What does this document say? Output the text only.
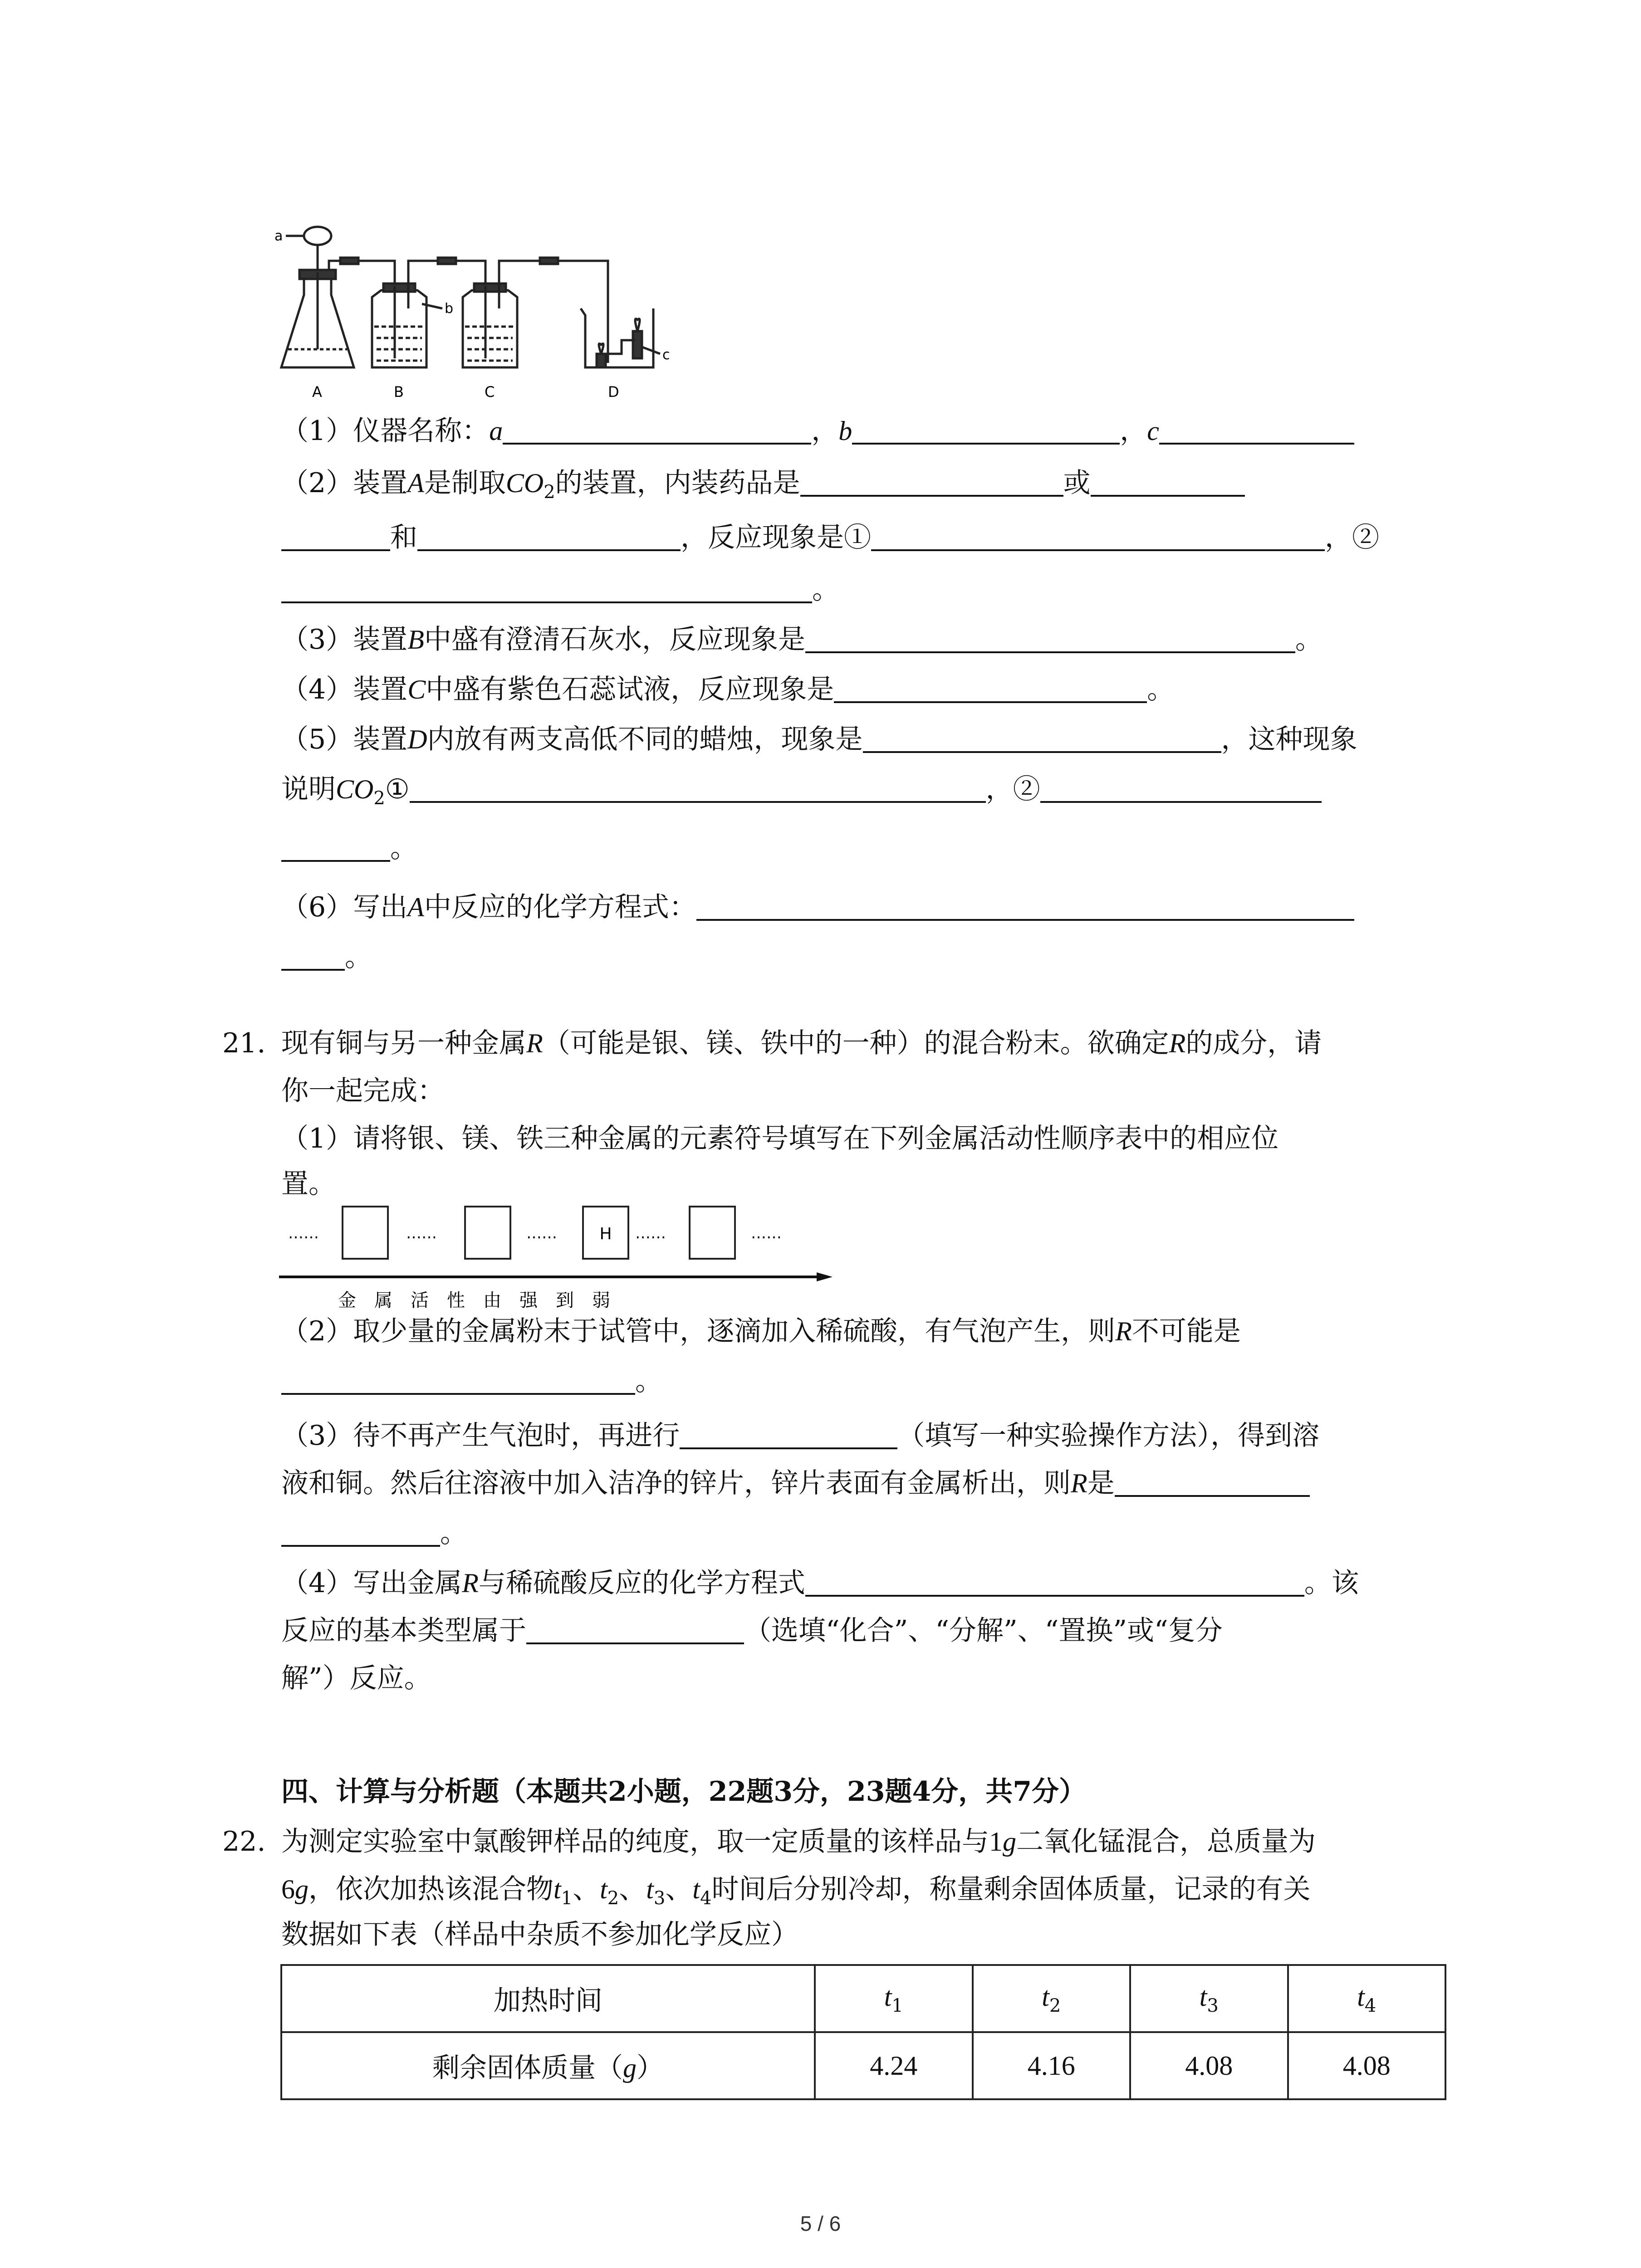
a
b
c
A	B	C	D
（1）仪器名称：a	，b	，c
（2）装置A是制取$CO_2$的装置，内装药品是	或
和	，反应现象是①	，②
。
（3）装置B中盛有澄清石灰水，反应现象是	。
（4）装置C中盛有紫色石蕊试液，反应现象是	。
（5）装置D内放有两支高低不同的蜡烛，现象是	，这种现象
说明$CO_2①$	，②
。
（6）写出A中反应的化学方程式：
。
21. 现有铜与另一种金属R（可能是银、镁、铁中的一种）的混合粉末。欲确定R的成分，请
你一起完成：
（1）请将银、镁、铁三种金属的元素符号填写在下列金属活动性顺序表中的相应位
置。
……	……	……	H ……	……
金　属　活　性　由　强　到　弱
（2）取少量的金属粉末于试管中，逐滴加入稀硫酸，有气泡产生，则R不可能是
。
（3）待不再产生气泡时，再进行	（填写一种实验操作方法），得到溶
液和铜。然后往溶液中加入洁净的锌片，锌片表面有金属析出，则R是
。
（4）写出金属R与稀硫酸反应的化学方程式	。该
反应的基本类型属于	（选填“化合”、“分解”、“置换”或“复分
解”）反应。
四、计算与分析题（本题共2小题，22题3分，23题4分，共7分）
22. 为测定实验室中氯酸钾样品的纯度，取一定质量的该样品与1g二氧化锰混合，总质量为
6g，依次加热该混合物$t_1$、$t_2$、$t_3$、$t_4$时间后分别冷却，称量剩余固体质量，记录的有关
数据如下表（样品中杂质不参加化学反应）
加热时间	$t_1$	$t_2$	$t_3$	$t_4$
剩余固体质量（g）	4.24	4.16	4.08	4.08
5 / 6
